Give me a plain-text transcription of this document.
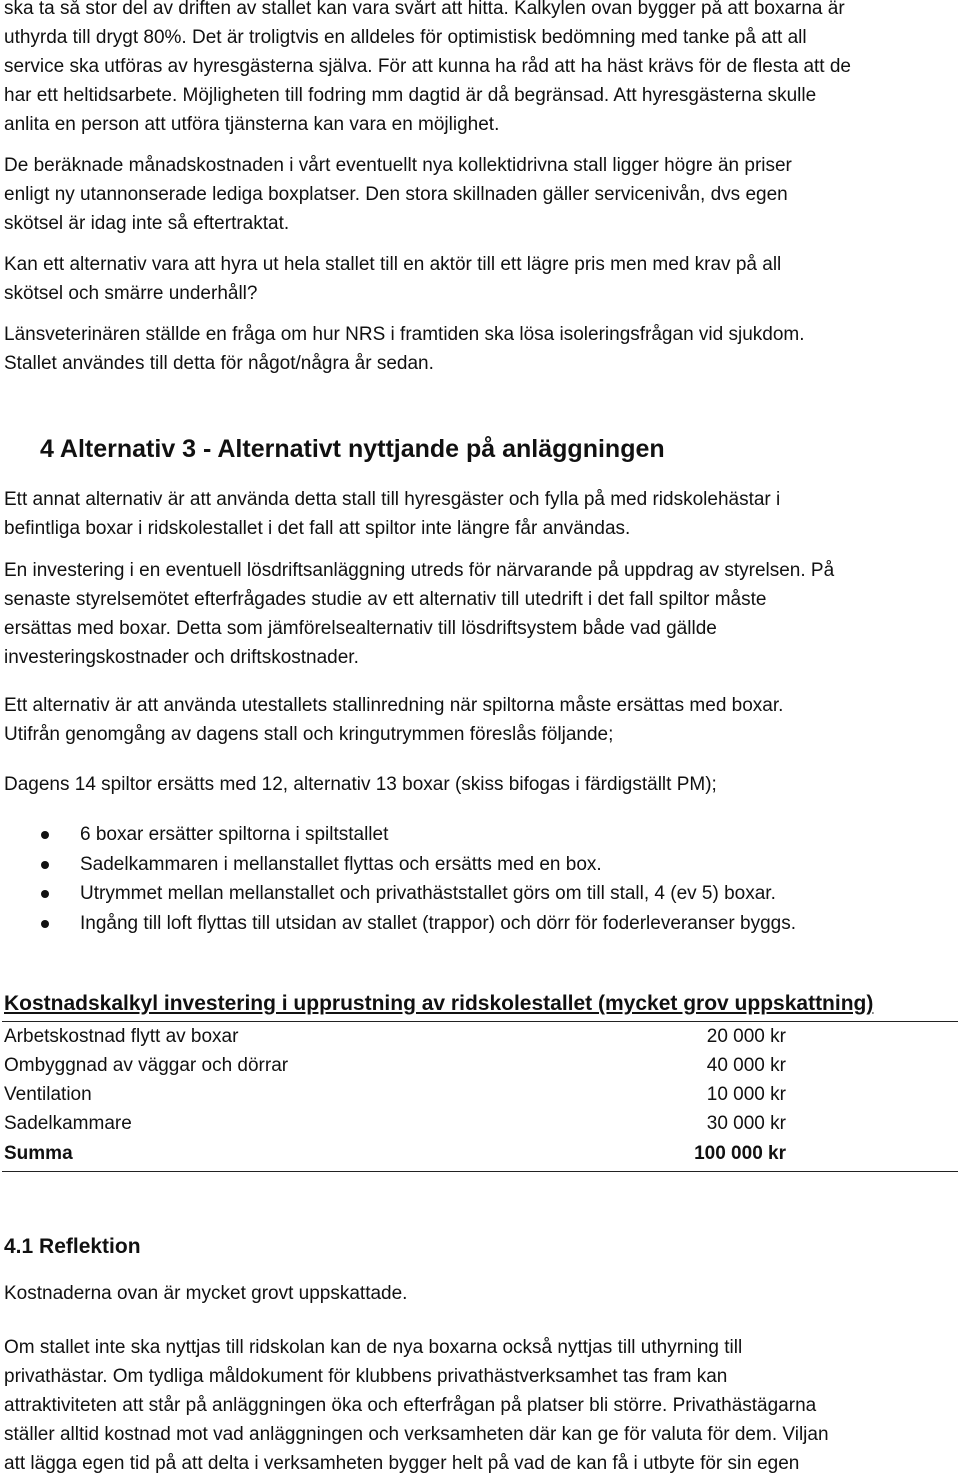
ska ta så stor del av driften av stallet kan vara svårt att hitta. Kalkylen ovan bygger på att boxarna är
uthyrda till drygt 80%. Det är troligtvis en alldeles för optimistisk bedömning med tanke på att all
service ska utföras av hyresgästerna själva. För att kunna ha råd att ha häst krävs för de flesta att de
har ett heltidsarbete. Möjligheten till fodring mm dagtid är då begränsad. Att hyresgästerna skulle
anlita en person att utföra tjänsterna kan vara en möjlighet.
De beräknade månadskostnaden i vårt eventuellt nya kollektidrivna stall ligger högre än priser
enligt ny utannonserade lediga boxplatser. Den stora skillnaden gäller servicenivån, dvs egen
skötsel är idag inte så eftertraktat.
Kan ett alternativ vara att hyra ut hela stallet till en aktör till ett lägre pris men med krav på all
skötsel och smärre underhåll?
Länsveterinären ställde en fråga om hur NRS i framtiden ska lösa isoleringsfrågan vid sjukdom.
Stallet användes till detta för något/några år sedan.
4 Alternativ 3 - Alternativt nyttjande på anläggningen
Ett annat alternativ är att använda detta stall till hyresgäster och fylla på med ridskolehästar i
befintliga boxar i ridskolestallet i det fall att spiltor inte längre får användas.
En investering i en eventuell lösdriftsanläggning utreds för närvarande på uppdrag av styrelsen. På
senaste styrelsemötet efterfrågades studie av ett alternativ till utedrift i det fall spiltor måste
ersättas med boxar. Detta som jämförelsealternativ till lösdriftsystem både vad gällde
investeringskostnader och driftskostnader.
Ett alternativ är att använda utestallets stallinredning när spiltorna måste ersättas med boxar.
Utifrån genomgång av dagens stall och kringutrymmen föreslås följande;
Dagens 14 spiltor ersätts med 12, alternativ 13 boxar (skiss bifogas i färdigställt PM);
6 boxar ersätter spiltorna i spiltstallet
Sadelkammaren i mellanstallet flyttas och ersätts med en box.
Utrymmet mellan mellanstallet och privathäststallet görs om till stall, 4 (ev 5) boxar.
Ingång till loft flyttas till utsidan av stallet (trappor) och dörr för foderleveranser byggs.
Kostnadskalkyl investering i upprustning av ridskolestallet (mycket grov uppskattning)
Arbetskostnad flytt av boxar	20 000 kr
Ombyggnad av väggar och dörrar	40 000 kr
Ventilation	10 000 kr
Sadelkammare	30 000 kr
Summa	100 000 kr
4.1 Reflektion
Kostnaderna ovan är mycket grovt uppskattade.
Om stallet inte ska nyttjas till ridskolan kan de nya boxarna också nyttjas till uthyrning till
privathästar. Om tydliga måldokument för klubbens privathästverksamhet tas fram kan
attraktiviteten att står på anläggningen öka och efterfrågan på platser bli större. Privathästägarna
ställer alltid kostnad mot vad anläggningen och verksamheten där kan ge för valuta för dem. Viljan
att lägga egen tid på att delta i verksamheten bygger helt på vad de kan få i utbyte för sin egen
